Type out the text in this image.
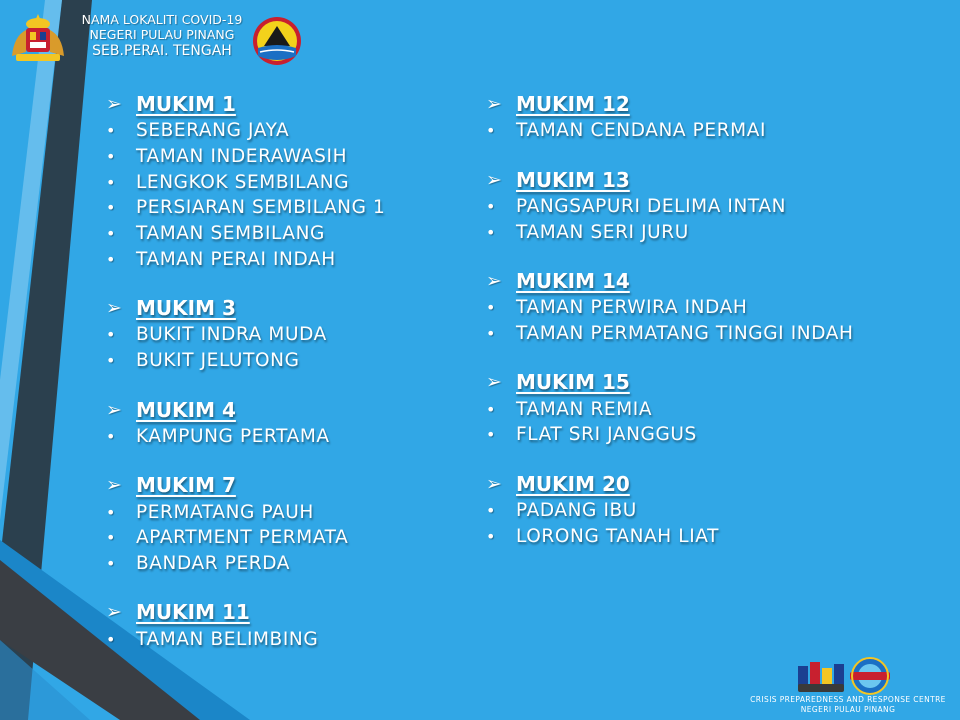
NAMA LOKALITI COVID-19
NEGERI PULAU PINANG
SEB.PERAI. TENGAH
➢ MUKIM 1
•	SEBERANG JAYA
•	TAMAN INDERAWASIH
•	LENGKOK SEMBILANG
•	PERSIARAN SEMBILANG 1
•	TAMAN SEMBILANG
•	TAMAN PERAI INDAH
➢ MUKIM 3
•	BUKIT INDRA MUDA
•	BUKIT JELUTONG
➢ MUKIM 4
•	KAMPUNG PERTAMA
➢ MUKIM 7
•	PERMATANG PAUH
•	APARTMENT PERMATA
•	BANDAR PERDA
➢ MUKIM 11
•	TAMAN BELIMBING
➢ MUKIM 12
•	TAMAN CENDANA PERMAI
➢ MUKIM 13
•	PANGSAPURI DELIMA INTAN
•	TAMAN SERI JURU
➢ MUKIM 14
•	TAMAN PERWIRA INDAH
•	TAMAN PERMATANG TINGGI INDAH
➢ MUKIM 15
•	TAMAN REMIA
•	FLAT SRI JANGGUS
➢ MUKIM 20
•	PADANG IBU
•	LORONG TANAH LIAT
CRISIS PREPAREDNESS AND RESPONSE CENTRE
NEGERI PULAU PINANG
